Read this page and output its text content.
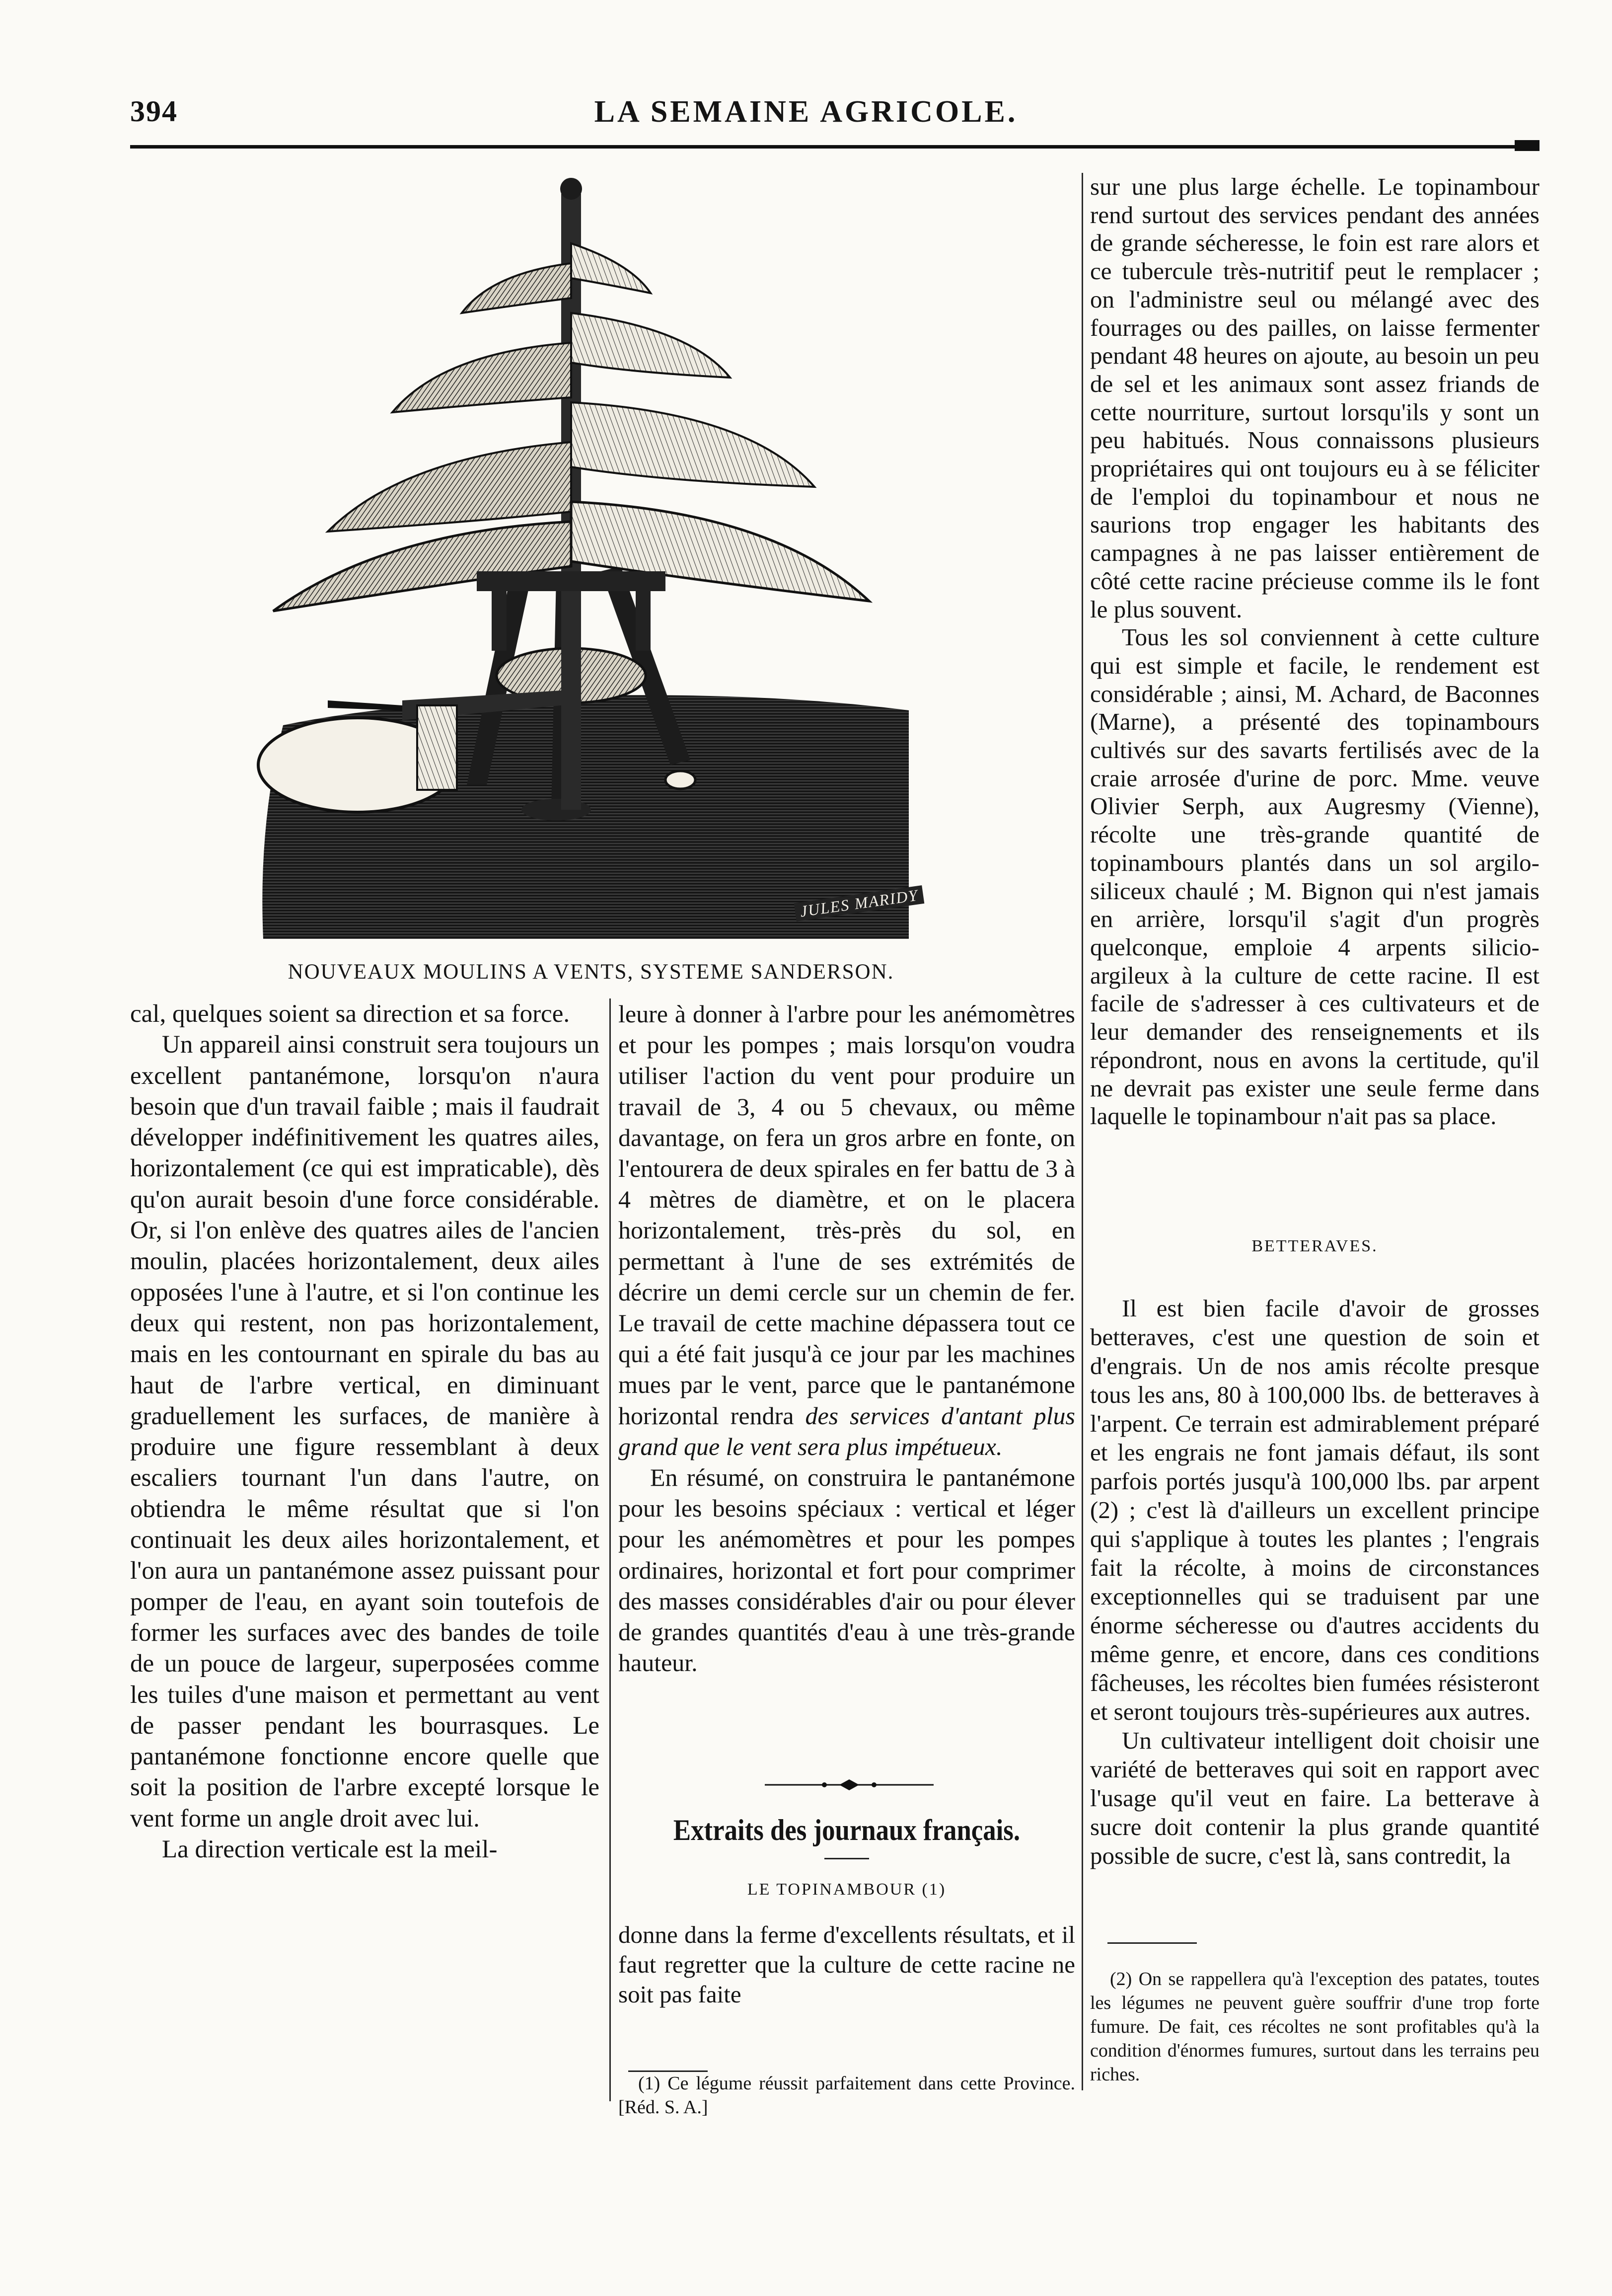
394	LA SEMAINE AGRICOLE.
JULES MARIDY
NOUVEAUX MOULINS A VENTS, SYSTEME SANDERSON.

cal, quelques soient sa direction et sa force.

Un appareil ainsi construit sera toujours un excellent pantanémone, lorsqu'on n'aura besoin que d'un travail faible ; mais il faudrait développer indéfinitivement les quatres ailes, horizontalement (ce qui est impraticable), dès qu'on aurait besoin d'une force considérable. Or, si l'on enlève des quatres ailes de l'ancien moulin, placées horizontalement, deux ailes opposées l'une à l'autre, et si l'on continue les deux qui restent, non pas horizontalement, mais en les contournant en spirale du bas au haut de l'arbre vertical, en diminuant graduellement les surfaces, de manière à produire une figure ressemblant à deux escaliers tournant l'un dans l'autre, on obtiendra le même résultat que si l'on continuait les deux ailes horizontalement, et l'on aura un pantanémone assez puissant pour pomper de l'eau, en ayant soin toutefois de former les surfaces avec des bandes de toile de un pouce de largeur, superposées comme les tuiles d'une maison et permettant au vent de passer pendant les bourrasques. Le pantanémone fonctionne encore quelle que soit la position de l'arbre excepté lorsque le vent forme un angle droit avec lui.

La direction verticale est la meil-

leure à donner à l'arbre pour les anémomètres et pour les pompes ; mais lorsqu'on voudra utiliser l'action du vent pour produire un travail de 3, 4 ou 5 chevaux, ou même davantage, on fera un gros arbre en fonte, on l'entourera de deux spirales en fer battu de 3 à 4 mètres de diamètre, et on le placera horizontalement, très-près du sol, en permettant à l'une de ses extrémités de décrire un demi cercle sur un chemin de fer. Le travail de cette machine dépassera tout ce qui a été fait jusqu'à ce jour par les machines mues par le vent, parce que le pantanémone horizontal rendra des services d'antant plus grand que le vent sera plus impétueux.

En résumé, on construira le pantanémone pour les besoins spéciaux : vertical et léger pour les anémomètres et pour les pompes ordinaires, horizontal et fort pour comprimer des masses considérables d'air ou pour élever de grandes quantités d'eau à une très-grande hauteur.

Extraits des journaux français.
LE TOPINAMBOUR (1)

donne dans la ferme d'excellents résultats, et il faut regretter que la culture de cette racine ne soit pas faite

(1) Ce légume réussit parfaitement dans cette Province. [Réd. S. A.]

sur une plus large échelle. Le topinambour rend surtout des services pendant des années de grande sécheresse, le foin est rare alors et ce tubercule très-nutritif peut le remplacer ; on l'administre seul ou mélangé avec des fourrages ou des pailles, on laisse fermenter pendant 48 heures on ajoute, au besoin un peu de sel et les animaux sont assez friands de cette nourriture, surtout lorsqu'ils y sont un peu habitués. Nous connaissons plusieurs propriétaires qui ont toujours eu à se féliciter de l'emploi du topinambour et nous ne saurions trop engager les habitants des campagnes à ne pas laisser entièrement de côté cette racine précieuse comme ils le font le plus souvent.

Tous les sol conviennent à cette culture qui est simple et facile, le rendement est considérable ; ainsi, M. Achard, de Baconnes (Marne), a présenté des topinambours cultivés sur des savarts fertilisés avec de la craie arrosée d'urine de porc. Mme. veuve Olivier Serph, aux Augresmy (Vienne), récolte une très-grande quantité de topinambours plantés dans un sol argilo-siliceux chaulé ; M. Bignon qui n'est jamais en arrière, lorsqu'il s'agit d'un progrès quelconque, emploie 4 arpents silicio-argileux à la culture de cette racine. Il est facile de s'adresser à ces cultivateurs et de leur demander des renseignements et ils répondront, nous en avons la certitude, qu'il ne devrait pas exister une seule ferme dans laquelle le topinambour n'ait pas sa place.

BETTERAVES.

Il est bien facile d'avoir de grosses betteraves, c'est une question de soin et d'engrais. Un de nos amis récolte presque tous les ans, 80 à 100,000 lbs. de betteraves à l'arpent. Ce terrain est admirablement préparé et les engrais ne font jamais défaut, ils sont parfois portés jusqu'à 100,000 lbs. par arpent (2) ; c'est là d'ailleurs un excellent principe qui s'applique à toutes les plantes ; l'engrais fait la récolte, à moins de circonstances exceptionnelles qui se traduisent par une énorme sécheresse ou d'autres accidents du même genre, et encore, dans ces conditions fâcheuses, les récoltes bien fumées résisteront et seront toujours très-supérieures aux autres.

Un cultivateur intelligent doit choisir une variété de betteraves qui soit en rapport avec l'usage qu'il veut en faire. La betterave à sucre doit contenir la plus grande quantité possible de sucre, c'est là, sans contredit, la

(2) On se rappellera qu'à l'exception des patates, toutes les légumes ne peuvent guère souffrir d'une trop forte fumure. De fait, ces récoltes ne sont profitables qu'à la condition d'énormes fumures, surtout dans les terrains peu riches.
